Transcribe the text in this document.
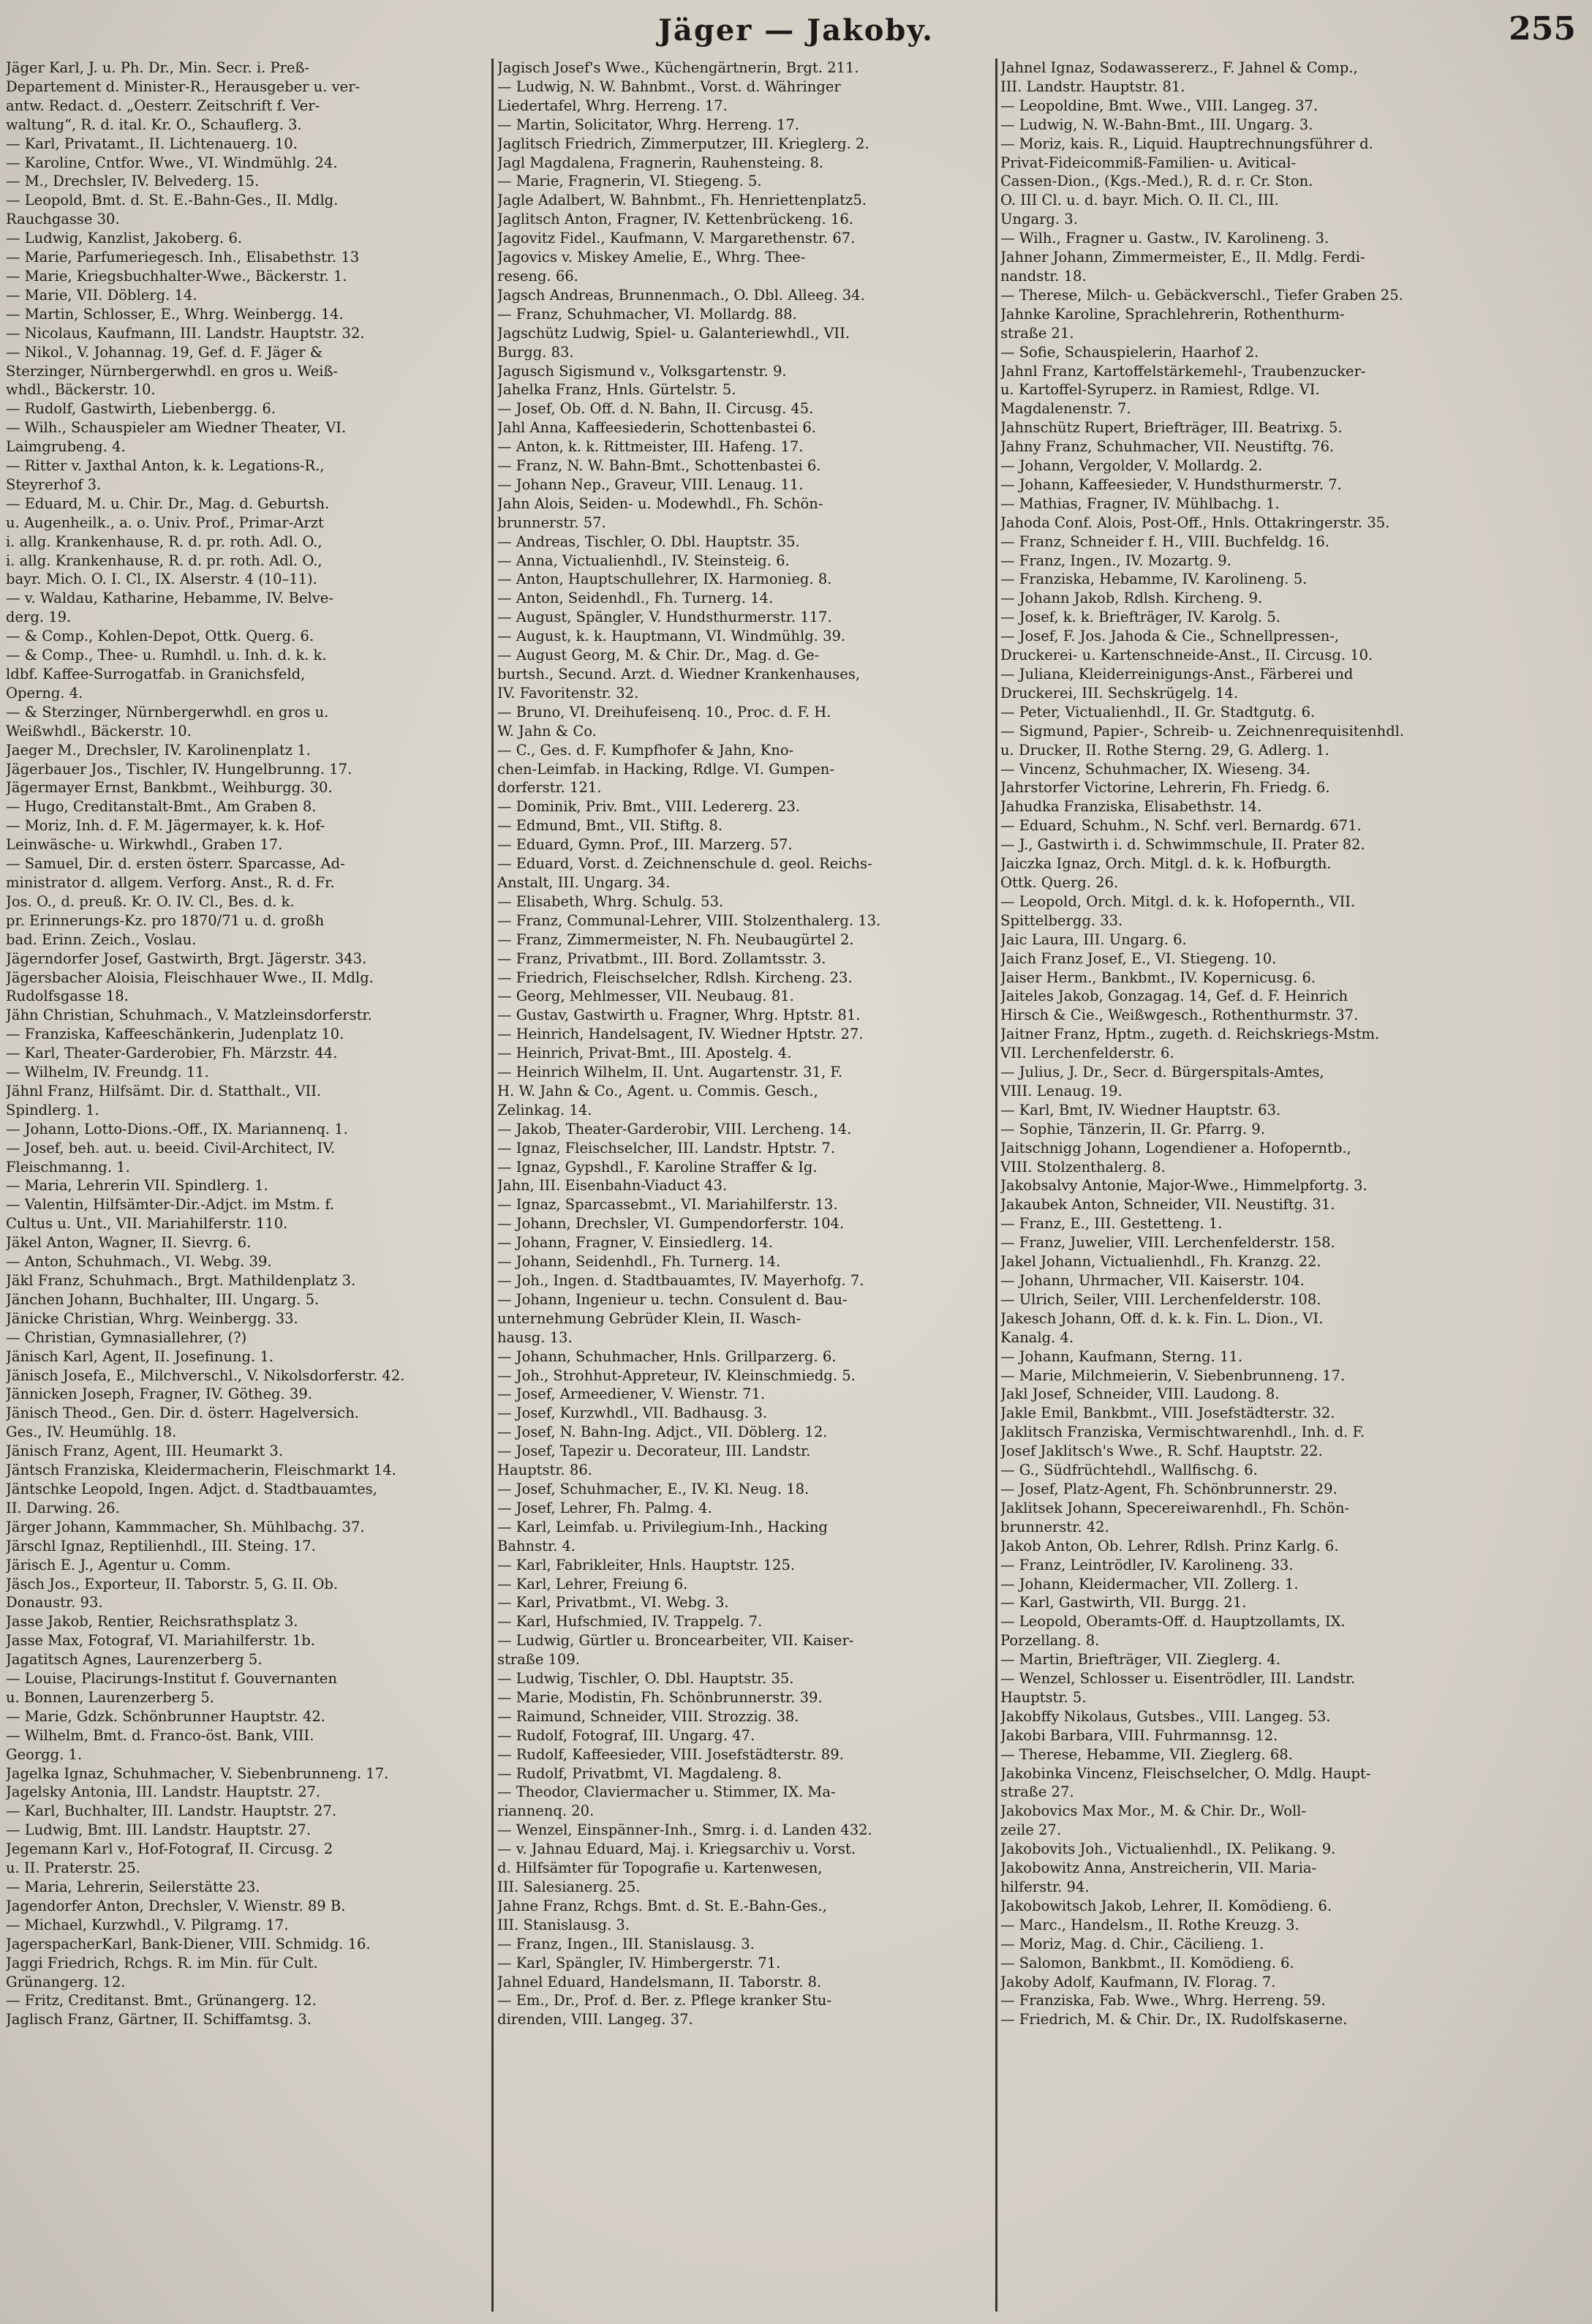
Jäger — Jakoby.	255
Jäger Karl, J. u. Ph. Dr., Min. Secr. i. Preß-
Departement d. Minister-R., Herausgeber u. ver-
antw. Redact. d. „Oesterr. Zeitschrift f. Ver-
waltung“, R. d. ital. Kr. O., Schauflerg. 3.
— Karl, Privatamt., II. Lichtenauerg. 10.
— Karoline, Cntfor. Wwe., VI. Windmühlg. 24.
— M., Drechsler, IV. Belvederg. 15.
— Leopold, Bmt. d. St. E.-Bahn-Ges., II. Mdlg.
Rauchgasse 30.
— Ludwig, Kanzlist, Jakoberg. 6.
— Marie, Parfumeriegesch. Inh., Elisabethstr. 13
— Marie, Kriegsbuchhalter-Wwe., Bäckerstr. 1.
— Marie, VII. Döblerg. 14.
— Martin, Schlosser, E., Whrg. Weinbergg. 14.
— Nicolaus, Kaufmann, III. Landstr. Hauptstr. 32.
— Nikol., V. Johannag. 19, Gef. d. F. Jäger &
Sterzinger, Nürnbergerwhdl. en gros u. Weiß-
whdl., Bäckerstr. 10.
— Rudolf, Gastwirth, Liebenbergg. 6.
— Wilh., Schauspieler am Wiedner Theater, VI.
Laimgrubeng. 4.
— Ritter v. Jaxthal Anton, k. k. Legations-R.,
Steyrerhof 3.
— Eduard, M. u. Chir. Dr., Mag. d. Geburtsh.
u. Augenheilk., a. o. Univ. Prof., Primar-Arzt
i. allg. Krankenhause, R. d. pr. roth. Adl. O.,
i. allg. Krankenhause, R. d. pr. roth. Adl. O.,
bayr. Mich. O. I. Cl., IX. Alserstr. 4 (10–11).
— v. Waldau, Katharine, Hebamme, IV. Belve-
derg. 19.
— & Comp., Kohlen-Depot, Ottk. Querg. 6.
— & Comp., Thee- u. Rumhdl. u. Inh. d. k. k.
ldbf. Kaffee-Surrogatfab. in Granichsfeld,
Operng. 4.
— & Sterzinger, Nürnbergerwhdl. en gros u.
Weißwhdl., Bäckerstr. 10.
Jaeger M., Drechsler, IV. Karolinenplatz 1.
Jägerbauer Jos., Tischler, IV. Hungelbrunng. 17.
Jägermayer Ernst, Bankbmt., Weihburgg. 30.
— Hugo, Creditanstalt-Bmt., Am Graben 8.
— Moriz, Inh. d. F. M. Jägermayer, k. k. Hof-
Leinwäsche- u. Wirkwhdl., Graben 17.
— Samuel, Dir. d. ersten österr. Sparcasse, Ad-
ministrator d. allgem. Verforg. Anst., R. d. Fr.
Jos. O., d. preuß. Kr. O. IV. Cl., Bes. d. k.
pr. Erinnerungs-Kz. pro 1870/71 u. d. großh
bad. Erinn. Zeich., Voslau.
Jägerndorfer Josef, Gastwirth, Brgt. Jägerstr. 343.
Jägersbacher Aloisia, Fleischhauer Wwe., II. Mdlg.
Rudolfsgasse 18.
Jähn Christian, Schuhmach., V. Matzleinsdorferstr.
— Franziska, Kaffeeschänkerin, Judenplatz 10.
— Karl, Theater-Garderobier, Fh. Märzstr. 44.
— Wilhelm, IV. Freundg. 11.
Jähnl Franz, Hilfsämt. Dir. d. Statthalt., VII.
Spindlerg. 1.
— Johann, Lotto-Dions.-Off., IX. Mariannenq. 1.
— Josef, beh. aut. u. beeid. Civil-Architect, IV.
Fleischmanng. 1.
— Maria, Lehrerin VII. Spindlerg. 1.
— Valentin, Hilfsämter-Dir.-Adjct. im Mstm. f.
Cultus u. Unt., VII. Mariahilferstr. 110.
Jäkel Anton, Wagner, II. Sievrg. 6.
— Anton, Schuhmach., VI. Webg. 39.
Jäkl Franz, Schuhmach., Brgt. Mathildenplatz 3.
Jänchen Johann, Buchhalter, III. Ungarg. 5.
Jänicke Christian, Whrg. Weinbergg. 33.
— Christian, Gymnasiallehrer, (?)
Jänisch Karl, Agent, II. Josefinung. 1.
Jänisch Josefa, E., Milchverschl., V. Nikolsdorferstr. 42.
Jännicken Joseph, Fragner, IV. Götheg. 39.
Jänisch Theod., Gen. Dir. d. österr. Hagelversich.
Ges., IV. Heumühlg. 18.
Jänisch Franz, Agent, III. Heumarkt 3.
Jäntsch Franziska, Kleidermacherin, Fleischmarkt 14.
Jäntschke Leopold, Ingen. Adjct. d. Stadtbauamtes,
II. Darwing. 26.
Järger Johann, Kammmacher, Sh. Mühlbachg. 37.
Järschl Ignaz, Reptilienhdl., III. Steing. 17.
Järisch E. J., Agentur u. Comm.
Jäsch Jos., Exporteur, II. Taborstr. 5, G. II. Ob.
Donaustr. 93.
Jasse Jakob, Rentier, Reichsrathsplatz 3.
Jasse Max, Fotograf, VI. Mariahilferstr. 1b.
Jagatitsch Agnes, Laurenzerberg 5.
— Louise, Placirungs-Institut f. Gouvernanten
u. Bonnen, Laurenzerberg 5.
— Marie, Gdzk. Schönbrunner Hauptstr. 42.
— Wilhelm, Bmt. d. Franco-öst. Bank, VIII.
Georgg. 1.
Jagelka Ignaz, Schuhmacher, V. Siebenbrunneng. 17.
Jagelsky Antonia, III. Landstr. Hauptstr. 27.
— Karl, Buchhalter, III. Landstr. Hauptstr. 27.
— Ludwig, Bmt. III. Landstr. Hauptstr. 27.
Jegemann Karl v., Hof-Fotograf, II. Circusg. 2
u. II. Praterstr. 25.
— Maria, Lehrerin, Seilerstätte 23.
Jagendorfer Anton, Drechsler, V. Wienstr. 89 B.
— Michael, Kurzwhdl., V. Pilgramg. 17.
JagerspacherKarl, Bank-Diener, VIII. Schmidg. 16.
Jaggi Friedrich, Rchgs. R. im Min. für Cult.
Grünangerg. 12.
— Fritz, Creditanst. Bmt., Grünangerg. 12.
Jaglisch Franz, Gärtner, II. Schiffamtsg. 3.
Jagisch Josef's Wwe., Küchengärtnerin, Brgt. 211.
— Ludwig, N. W. Bahnbmt., Vorst. d. Währinger
Liedertafel, Whrg. Herreng. 17.
— Martin, Solicitator, Whrg. Herreng. 17.
Jaglitsch Friedrich, Zimmerputzer, III. Krieglerg. 2.
Jagl Magdalena, Fragnerin, Rauhensteing. 8.
— Marie, Fragnerin, VI. Stiegeng. 5.
Jagle Adalbert, W. Bahnbmt., Fh. Henriettenplatz5.
Jaglitsch Anton, Fragner, IV. Kettenbrückeng. 16.
Jagovitz Fidel., Kaufmann, V. Margarethenstr. 67.
Jagovics v. Miskey Amelie, E., Whrg. Thee-
reseng. 66.
Jagsch Andreas, Brunnenmach., O. Dbl. Alleeg. 34.
— Franz, Schuhmacher, VI. Mollardg. 88.
Jagschütz Ludwig, Spiel- u. Galanteriewhdl., VII.
Burgg. 83.
Jagusch Sigismund v., Volksgartenstr. 9.
Jahelka Franz, Hnls. Gürtelstr. 5.
— Josef, Ob. Off. d. N. Bahn, II. Circusg. 45.
Jahl Anna, Kaffeesiederin, Schottenbastei 6.
— Anton, k. k. Rittmeister, III. Hafeng. 17.
— Franz, N. W. Bahn-Bmt., Schottenbastei 6.
— Johann Nep., Graveur, VIII. Lenaug. 11.
Jahn Alois, Seiden- u. Modewhdl., Fh. Schön-
brunnerstr. 57.
— Andreas, Tischler, O. Dbl. Hauptstr. 35.
— Anna, Victualienhdl., IV. Steinsteig. 6.
— Anton, Hauptschullehrer, IX. Harmonieg. 8.
— Anton, Seidenhdl., Fh. Turnerg. 14.
— August, Spängler, V. Hundsthurmerstr. 117.
— August, k. k. Hauptmann, VI. Windmühlg. 39.
— August Georg, M. & Chir. Dr., Mag. d. Ge-
burtsh., Secund. Arzt. d. Wiedner Krankenhauses,
IV. Favoritenstr. 32.
— Bruno, VI. Dreihufeisenq. 10., Proc. d. F. H.
W. Jahn & Co.
— C., Ges. d. F. Kumpfhofer & Jahn, Kno-
chen-Leimfab. in Hacking, Rdlge. VI. Gumpen-
dorferstr. 121.
— Dominik, Priv. Bmt., VIII. Ledererg. 23.
— Edmund, Bmt., VII. Stiftg. 8.
— Eduard, Gymn. Prof., III. Marzerg. 57.
— Eduard, Vorst. d. Zeichnenschule d. geol. Reichs-
Anstalt, III. Ungarg. 34.
— Elisabeth, Whrg. Schulg. 53.
— Franz, Communal-Lehrer, VIII. Stolzenthalerg. 13.
— Franz, Zimmermeister, N. Fh. Neubaugürtel 2.
— Franz, Privatbmt., III. Bord. Zollamtsstr. 3.
— Friedrich, Fleischselcher, Rdlsh. Kircheng. 23.
— Georg, Mehlmesser, VII. Neubaug. 81.
— Gustav, Gastwirth u. Fragner, Whrg. Hptstr. 81.
— Heinrich, Handelsagent, IV. Wiedner Hptstr. 27.
— Heinrich, Privat-Bmt., III. Apostelg. 4.
— Heinrich Wilhelm, II. Unt. Augartenstr. 31, F.
H. W. Jahn & Co., Agent. u. Commis. Gesch.,
Zelinkag. 14.
— Jakob, Theater-Garderobir, VIII. Lercheng. 14.
— Ignaz, Fleischselcher, III. Landstr. Hptstr. 7.
— Ignaz, Gypshdl., F. Karoline Straffer & Ig.
Jahn, III. Eisenbahn-Viaduct 43.
— Ignaz, Sparcassebmt., VI. Mariahilferstr. 13.
— Johann, Drechsler, VI. Gumpendorferstr. 104.
— Johann, Fragner, V. Einsiedlerg. 14.
— Johann, Seidenhdl., Fh. Turnerg. 14.
— Joh., Ingen. d. Stadtbauamtes, IV. Mayerhofg. 7.
— Johann, Ingenieur u. techn. Consulent d. Bau-
unternehmung Gebrüder Klein, II. Wasch-
hausg. 13.
— Johann, Schuhmacher, Hnls. Grillparzerg. 6.
— Joh., Strohhut-Appreteur, IV. Kleinschmiedg. 5.
— Josef, Armeediener, V. Wienstr. 71.
— Josef, Kurzwhdl., VII. Badhausg. 3.
— Josef, N. Bahn-Ing. Adjct., VII. Döblerg. 12.
— Josef, Tapezir u. Decorateur, III. Landstr.
Hauptstr. 86.
— Josef, Schuhmacher, E., IV. Kl. Neug. 18.
— Josef, Lehrer, Fh. Palmg. 4.
— Karl, Leimfab. u. Privilegium-Inh., Hacking
Bahnstr. 4.
— Karl, Fabrikleiter, Hnls. Hauptstr. 125.
— Karl, Lehrer, Freiung 6.
— Karl, Privatbmt., VI. Webg. 3.
— Karl, Hufschmied, IV. Trappelg. 7.
— Ludwig, Gürtler u. Broncearbeiter, VII. Kaiser-
straße 109.
— Ludwig, Tischler, O. Dbl. Hauptstr. 35.
— Marie, Modistin, Fh. Schönbrunnerstr. 39.
— Raimund, Schneider, VIII. Strozzig. 38.
— Rudolf, Fotograf, III. Ungarg. 47.
— Rudolf, Kaffeesieder, VIII. Josefstädterstr. 89.
— Rudolf, Privatbmt, VI. Magdaleng. 8.
— Theodor, Claviermacher u. Stimmer, IX. Ma-
riannenq. 20.
— Wenzel, Einspänner-Inh., Smrg. i. d. Landen 432.
— v. Jahnau Eduard, Maj. i. Kriegsarchiv u. Vorst.
d. Hilfsämter für Topografie u. Kartenwesen,
III. Salesianerg. 25.
Jahne Franz, Rchgs. Bmt. d. St. E.-Bahn-Ges.,
III. Stanislausg. 3.
— Franz, Ingen., III. Stanislausg. 3.
— Karl, Spängler, IV. Himbergerstr. 71.
Jahnel Eduard, Handelsmann, II. Taborstr. 8.
— Em., Dr., Prof. d. Ber. z. Pflege kranker Stu-
direnden, VIII. Langeg. 37.
Jahnel Ignaz, Sodawassererz., F. Jahnel & Comp.,
III. Landstr. Hauptstr. 81.
— Leopoldine, Bmt. Wwe., VIII. Langeg. 37.
— Ludwig, N. W.-Bahn-Bmt., III. Ungarg. 3.
— Moriz, kais. R., Liquid. Hauptrechnungsführer d.
Privat-Fideicommiß-Familien- u. Avitical-
Cassen-Dion., (Kgs.-Med.), R. d. r. Cr. Ston.
O. III Cl. u. d. bayr. Mich. O. II. Cl., III.
Ungarg. 3.
— Wilh., Fragner u. Gastw., IV. Karolineng. 3.
Jahner Johann, Zimmermeister, E., II. Mdlg. Ferdi-
nandstr. 18.
— Therese, Milch- u. Gebäckverschl., Tiefer Graben 25.
Jahnke Karoline, Sprachlehrerin, Rothenthurm-
straße 21.
— Sofie, Schauspielerin, Haarhof 2.
Jahnl Franz, Kartoffelstärkemehl-, Traubenzucker-
u. Kartoffel-Syruperz. in Ramiest, Rdlge. VI.
Magdalenenstr. 7.
Jahnschütz Rupert, Briefträger, III. Beatrixg. 5.
Jahny Franz, Schuhmacher, VII. Neustiftg. 76.
— Johann, Vergolder, V. Mollardg. 2.
— Johann, Kaffeesieder, V. Hundsthurmerstr. 7.
— Mathias, Fragner, IV. Mühlbachg. 1.
Jahoda Conf. Alois, Post-Off., Hnls. Ottakringerstr. 35.
— Franz, Schneider f. H., VIII. Buchfeldg. 16.
— Franz, Ingen., IV. Mozartg. 9.
— Franziska, Hebamme, IV. Karolineng. 5.
— Johann Jakob, Rdlsh. Kircheng. 9.
— Josef, k. k. Briefträger, IV. Karolg. 5.
— Josef, F. Jos. Jahoda & Cie., Schnellpressen-,
Druckerei- u. Kartenschneide-Anst., II. Circusg. 10.
— Juliana, Kleiderreinigungs-Anst., Färberei und
Druckerei, III. Sechskrügelg. 14.
— Peter, Victualienhdl., II. Gr. Stadtgutg. 6.
— Sigmund, Papier-, Schreib- u. Zeichnenrequisitenhdl.
u. Drucker, II. Rothe Sterng. 29, G. Adlerg. 1.
— Vincenz, Schuhmacher, IX. Wieseng. 34.
Jahrstorfer Victorine, Lehrerin, Fh. Friedg. 6.
Jahudka Franziska, Elisabethstr. 14.
— Eduard, Schuhm., N. Schf. verl. Bernardg. 671.
— J., Gastwirth i. d. Schwimmschule, II. Prater 82.
Jaiczka Ignaz, Orch. Mitgl. d. k. k. Hofburgth.
Ottk. Querg. 26.
— Leopold, Orch. Mitgl. d. k. k. Hofopernth., VII.
Spittelbergg. 33.
Jaic Laura, III. Ungarg. 6.
Jaich Franz Josef, E., VI. Stiegeng. 10.
Jaiser Herm., Bankbmt., IV. Kopernicusg. 6.
Jaiteles Jakob, Gonzagag. 14, Gef. d. F. Heinrich
Hirsch & Cie., Weißwgesch., Rothenthurmstr. 37.
Jaitner Franz, Hptm., zugeth. d. Reichskriegs-Mstm.
VII. Lerchenfelderstr. 6.
— Julius, J. Dr., Secr. d. Bürgerspitals-Amtes,
VIII. Lenaug. 19.
— Karl, Bmt, IV. Wiedner Hauptstr. 63.
— Sophie, Tänzerin, II. Gr. Pfarrg. 9.
Jaitschnigg Johann, Logendiener a. Hofoperntb.,
VIII. Stolzenthalerg. 8.
Jakobsalvy Antonie, Major-Wwe., Himmelpfortg. 3.
Jakaubek Anton, Schneider, VII. Neustiftg. 31.
— Franz, E., III. Gestetteng. 1.
— Franz, Juwelier, VIII. Lerchenfelderstr. 158.
Jakel Johann, Victualienhdl., Fh. Kranzg. 22.
— Johann, Uhrmacher, VII. Kaiserstr. 104.
— Ulrich, Seiler, VIII. Lerchenfelderstr. 108.
Jakesch Johann, Off. d. k. k. Fin. L. Dion., VI.
Kanalg. 4.
— Johann, Kaufmann, Sterng. 11.
— Marie, Milchmeierin, V. Siebenbrunneng. 17.
Jakl Josef, Schneider, VIII. Laudong. 8.
Jakle Emil, Bankbmt., VIII. Josefstädterstr. 32.
Jaklitsch Franziska, Vermischtwarenhdl., Inh. d. F.
Josef Jaklitsch's Wwe., R. Schf. Hauptstr. 22.
— G., Südfrüchtehdl., Wallfischg. 6.
— Josef, Platz-Agent, Fh. Schönbrunnerstr. 29.
Jaklitsek Johann, Specereiwarenhdl., Fh. Schön-
brunnerstr. 42.
Jakob Anton, Ob. Lehrer, Rdlsh. Prinz Karlg. 6.
— Franz, Leintrödler, IV. Karolineng. 33.
— Johann, Kleidermacher, VII. Zollerg. 1.
— Karl, Gastwirth, VII. Burgg. 21.
— Leopold, Oberamts-Off. d. Hauptzollamts, IX.
Porzellang. 8.
— Martin, Briefträger, VII. Zieglerg. 4.
— Wenzel, Schlosser u. Eisentrödler, III. Landstr.
Hauptstr. 5.
Jakobffy Nikolaus, Gutsbes., VIII. Langeg. 53.
Jakobi Barbara, VIII. Fuhrmannsg. 12.
— Therese, Hebamme, VII. Zieglerg. 68.
Jakobinka Vincenz, Fleischselcher, O. Mdlg. Haupt-
straße 27.
Jakobovics Max Mor., M. & Chir. Dr., Woll-
zeile 27.
Jakobovits Joh., Victualienhdl., IX. Pelikang. 9.
Jakobowitz Anna, Anstreicherin, VII. Maria-
hilferstr. 94.
Jakobowitsch Jakob, Lehrer, II. Komödieng. 6.
— Marc., Handelsm., II. Rothe Kreuzg. 3.
— Moriz, Mag. d. Chir., Cäcilieng. 1.
— Salomon, Bankbmt., II. Komödieng. 6.
Jakoby Adolf, Kaufmann, IV. Florag. 7.
— Franziska, Fab. Wwe., Whrg. Herreng. 59.
— Friedrich, M. & Chir. Dr., IX. Rudolfskaserne.
